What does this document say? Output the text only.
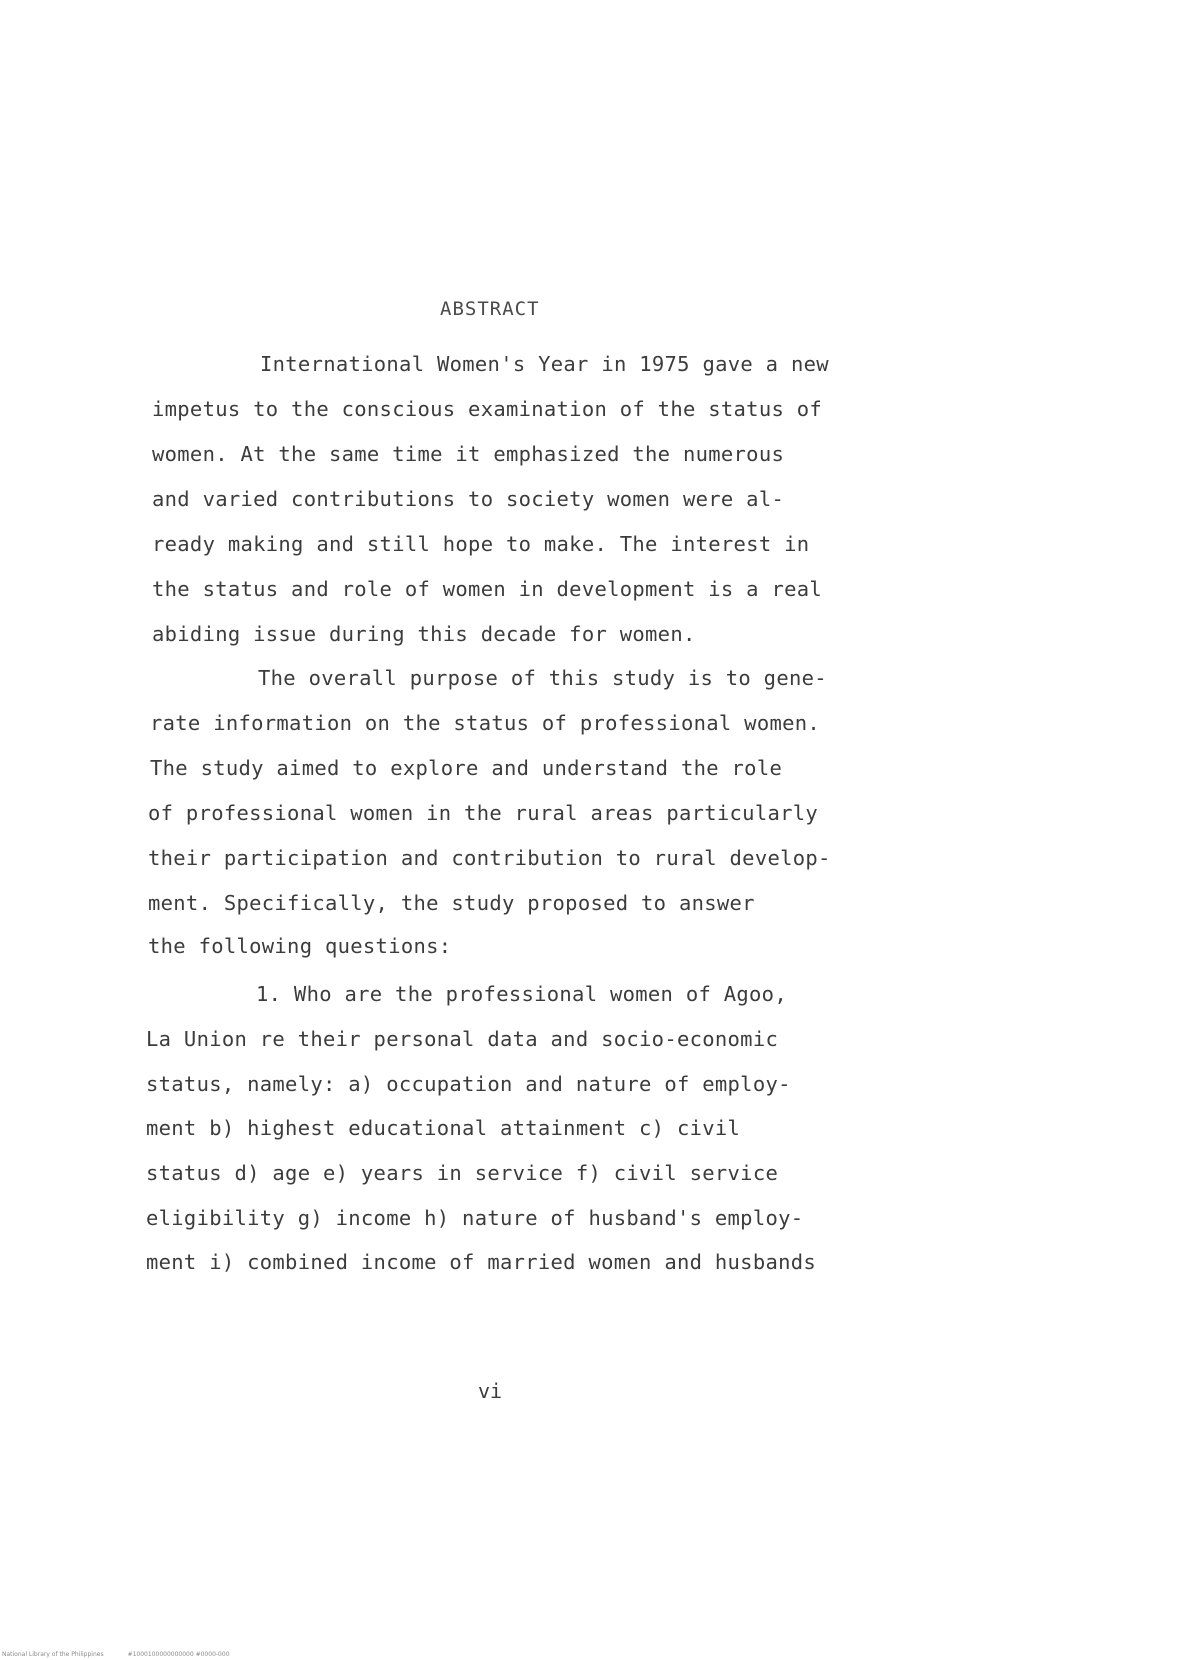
ABSTRACT
International Women's Year in 1975 gave a new
impetus to the conscious examination of the status of
women. At the same time it emphasized the numerous
and varied contributions to society women were al-
ready making and still hope to make. The interest in
the status and role of women in development is a real
abiding issue during this decade for women.
The overall purpose of this study is to gene-
rate information on the status of professional women.
The study aimed to explore and understand the role
of professional women in the rural areas particularly
their participation and contribution to rural develop-
ment. Specifically, the study proposed to answer
the following questions:
1. Who are the professional women of Agoo,
La Union re their personal data and socio-economic
status, namely: a) occupation and nature of employ-
ment b) highest educational attainment c) civil
status d) age e) years in service f) civil service
eligibility g) income h) nature of husband's employ-
ment i) combined income of married women and husbands
vi
National Library of the Philippines	#1000100000000000 #0000-000
